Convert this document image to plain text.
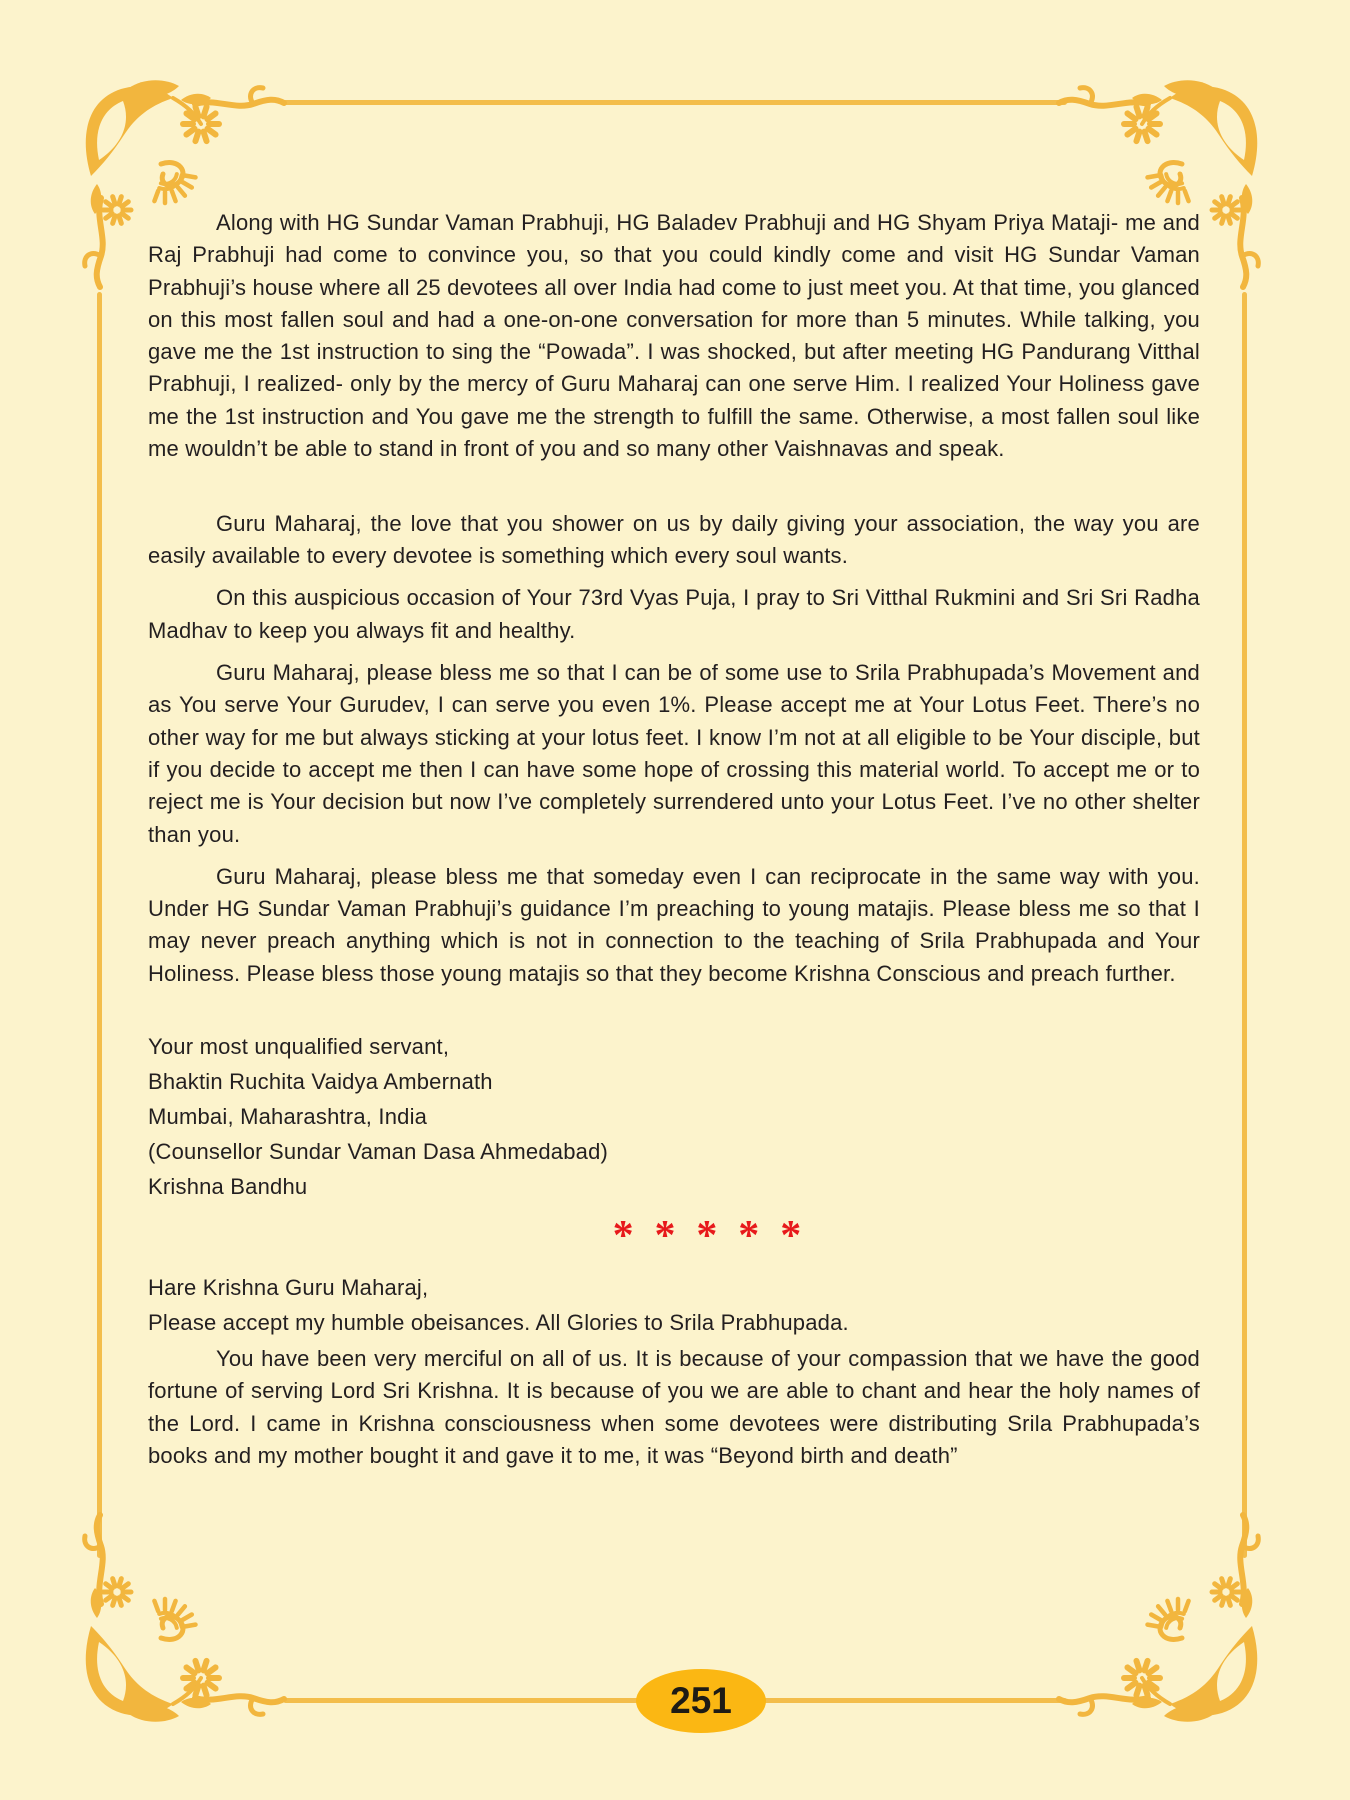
Along with HG Sundar Vaman Prabhuji, HG Baladev Prabhuji and HG Shyam Priya Mataji- me and Raj Prabhuji had come to convince you, so that you could kindly come and visit HG Sundar Vaman Prabhuji’s house where all 25 devotees all over India had come to just meet you. At that time, you glanced on this most fallen soul and had a one-on-one conversation for more than 5 minutes. While talking, you gave me the 1st instruction to sing the “Powada”. I was shocked, but after meeting HG Pandurang Vitthal Prabhuji, I realized- only by the mercy of Guru Maharaj can one serve Him. I realized Your Holiness gave me the 1st instruction and You gave me the strength to fulfill the same. Otherwise, a most fallen soul like me wouldn’t be able to stand in front of you and so many other Vaishnavas and speak.

Guru Maharaj, the love that you shower on us by daily giving your association, the way you are easily available to every devotee is something which every soul wants.

On this auspicious occasion of Your 73rd Vyas Puja, I pray to Sri Vitthal Rukmini and Sri Sri Radha Madhav to keep you always fit and healthy.

Guru Maharaj, please bless me so that I can be of some use to Srila Prabhupada’s Movement and as You serve Your Gurudev, I can serve you even 1%. Please accept me at Your Lotus Feet. There’s no other way for me but always sticking at your lotus feet. I know I’m not at all eligible to be Your disciple, but if you decide to accept me then I can have some hope of crossing this material world. To accept me or to reject me is Your decision but now I’ve completely surrendered unto your Lotus Feet. I’ve no other shelter than you.

Guru Maharaj, please bless me that someday even I can reciprocate in the same way with you. Under HG Sundar Vaman Prabhuji’s guidance I’m preaching to young matajis. Please bless me so that I may never preach anything which is not in connection to the teaching of Srila Prabhupada and Your Holiness. Please bless those young matajis so that they become Krishna Conscious and preach further.

Your most unqualified servant,

Bhaktin Ruchita Vaidya Ambernath

Mumbai, Maharashtra, India

(Counsellor Sundar Vaman Dasa Ahmedabad)

Krishna Bandhu

* * * * *

Hare Krishna Guru Maharaj,

Please accept my humble obeisances. All Glories to Srila Prabhupada.

You have been very merciful on all of us. It is because of your compassion that we have the good fortune of serving Lord Sri Krishna. It is because of you we are able to chant and hear the holy names of the Lord. I came in Krishna consciousness when some devotees were distributing Srila Prabhupada’s books and my mother bought it and gave it to me, it was “Beyond birth and death”

251
